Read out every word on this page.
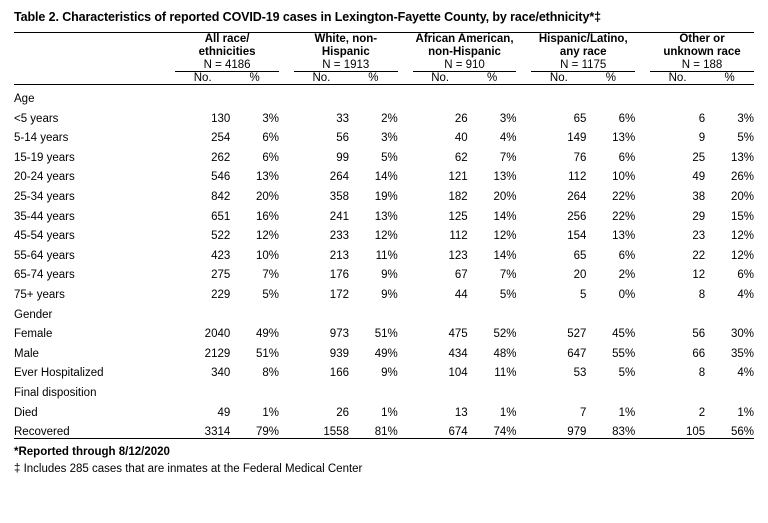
Table 2. Characteristics of reported COVID-19 cases in Lexington-Fayette County, by race/ethnicity*‡

All race/
ethnicities

White, non-
Hispanic

African American,
non-Hispanic

Hispanic/Latino,
any race

Other or
unknown race

	N = 4186			N = 1913			N = 910			N = 1175			N = 188	
	No.	%		No.	%		No.	%		No.	%		No.	%
Age														
<5 years	130	3%		33	2%		26	3%		65	6%		6	3%
5-14 years	254	6%		56	3%		40	4%		149	13%		9	5%
15-19 years	262	6%		99	5%		62	7%		76	6%		25	13%
20-24 years	546	13%		264	14%		121	13%		112	10%		49	26%
25-34 years	842	20%		358	19%		182	20%		264	22%		38	20%
35-44 years	651	16%		241	13%		125	14%		256	22%		29	15%
45-54 years	522	12%		233	12%		112	12%		154	13%		23	12%
55-64 years	423	10%		213	11%		123	14%		65	6%		22	12%
65-74 years	275	7%		176	9%		67	7%		20	2%		12	6%
75+ years	229	5%		172	9%		44	5%		5	0%		8	4%
Gender														
Female	2040	49%		973	51%		475	52%		527	45%		56	30%
Male	2129	51%		939	49%		434	48%		647	55%		66	35%
Ever Hospitalized	340	8%		166	9%		104	11%		53	5%		8	4%
Final disposition														
Died	49	1%		26	1%		13	1%		7	1%		2	1%
Recovered	3314	79%		1558	81%		674	74%		979	83%		105	56%
*Reported through 8/12/2020
‡ Includes 285 cases that are inmates at the Federal Medical Center
